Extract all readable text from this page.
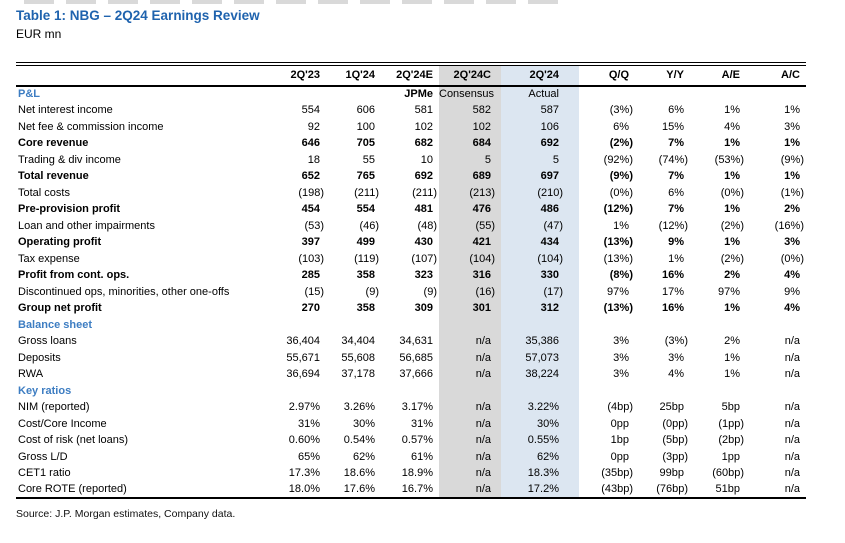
Table 1: NBG – 2Q24 Earnings Review
EUR mn
	2Q'23	1Q'24	2Q'24E	2Q'24C	2Q'24	Q/Q	Y/Y	A/E	A/C
P&L			JPMe	Consensus	Actual				
Net interest income	554	606	581	582	587	(3%)	6%	1%	1%
Net fee & commission income	92	100	102	102	106	6%	15%	4%	3%
Core revenue	646	705	682	684	692	(2%)	7%	1%	1%
Trading & div income	18	55	10	5	5	(92%)	(74%)	(53%)	(9%)
Total revenue	652	765	692	689	697	(9%)	7%	1%	1%
Total costs	(198)	(211)	(211)	(213)	(210)	(0%)	6%	(0%)	(1%)
Pre-provision profit	454	554	481	476	486	(12%)	7%	1%	2%
Loan and other impairments	(53)	(46)	(48)	(55)	(47)	1%	(12%)	(2%)	(16%)
Operating profit	397	499	430	421	434	(13%)	9%	1%	3%
Tax expense	(103)	(119)	(107)	(104)	(104)	(13%)	1%	(2%)	(0%)
Profit from cont. ops.	285	358	323	316	330	(8%)	16%	2%	4%
Discontinued ops, minorities, other one-offs	(15)	(9)	(9)	(16)	(17)	97%	17%	97%	9%
Group net profit	270	358	309	301	312	(13%)	16%	1%	4%
Balance sheet									
Gross loans	36,404	34,404	34,631	n/a	35,386	3%	(3%)	2%	n/a
Deposits	55,671	55,608	56,685	n/a	57,073	3%	3%	1%	n/a
RWA	36,694	37,178	37,666	n/a	38,224	3%	4%	1%	n/a
Key ratios									
NIM (reported)	2.97%	3.26%	3.17%	n/a	3.22%	(4bp)	25bp	5bp	n/a
Cost/Core Income	31%	30%	31%	n/a	30%	0pp	(0pp)	(1pp)	n/a
Cost of risk (net loans)	0.60%	0.54%	0.57%	n/a	0.55%	1bp	(5bp)	(2bp)	n/a
Gross L/D	65%	62%	61%	n/a	62%	0pp	(3pp)	1pp	n/a
CET1 ratio	17.3%	18.6%	18.9%	n/a	18.3%	(35bp)	99bp	(60bp)	n/a
Core ROTE (reported)	18.0%	17.6%	16.7%	n/a	17.2%	(43bp)	(76bp)	51bp	n/a
Source: J.P. Morgan estimates, Company data.
